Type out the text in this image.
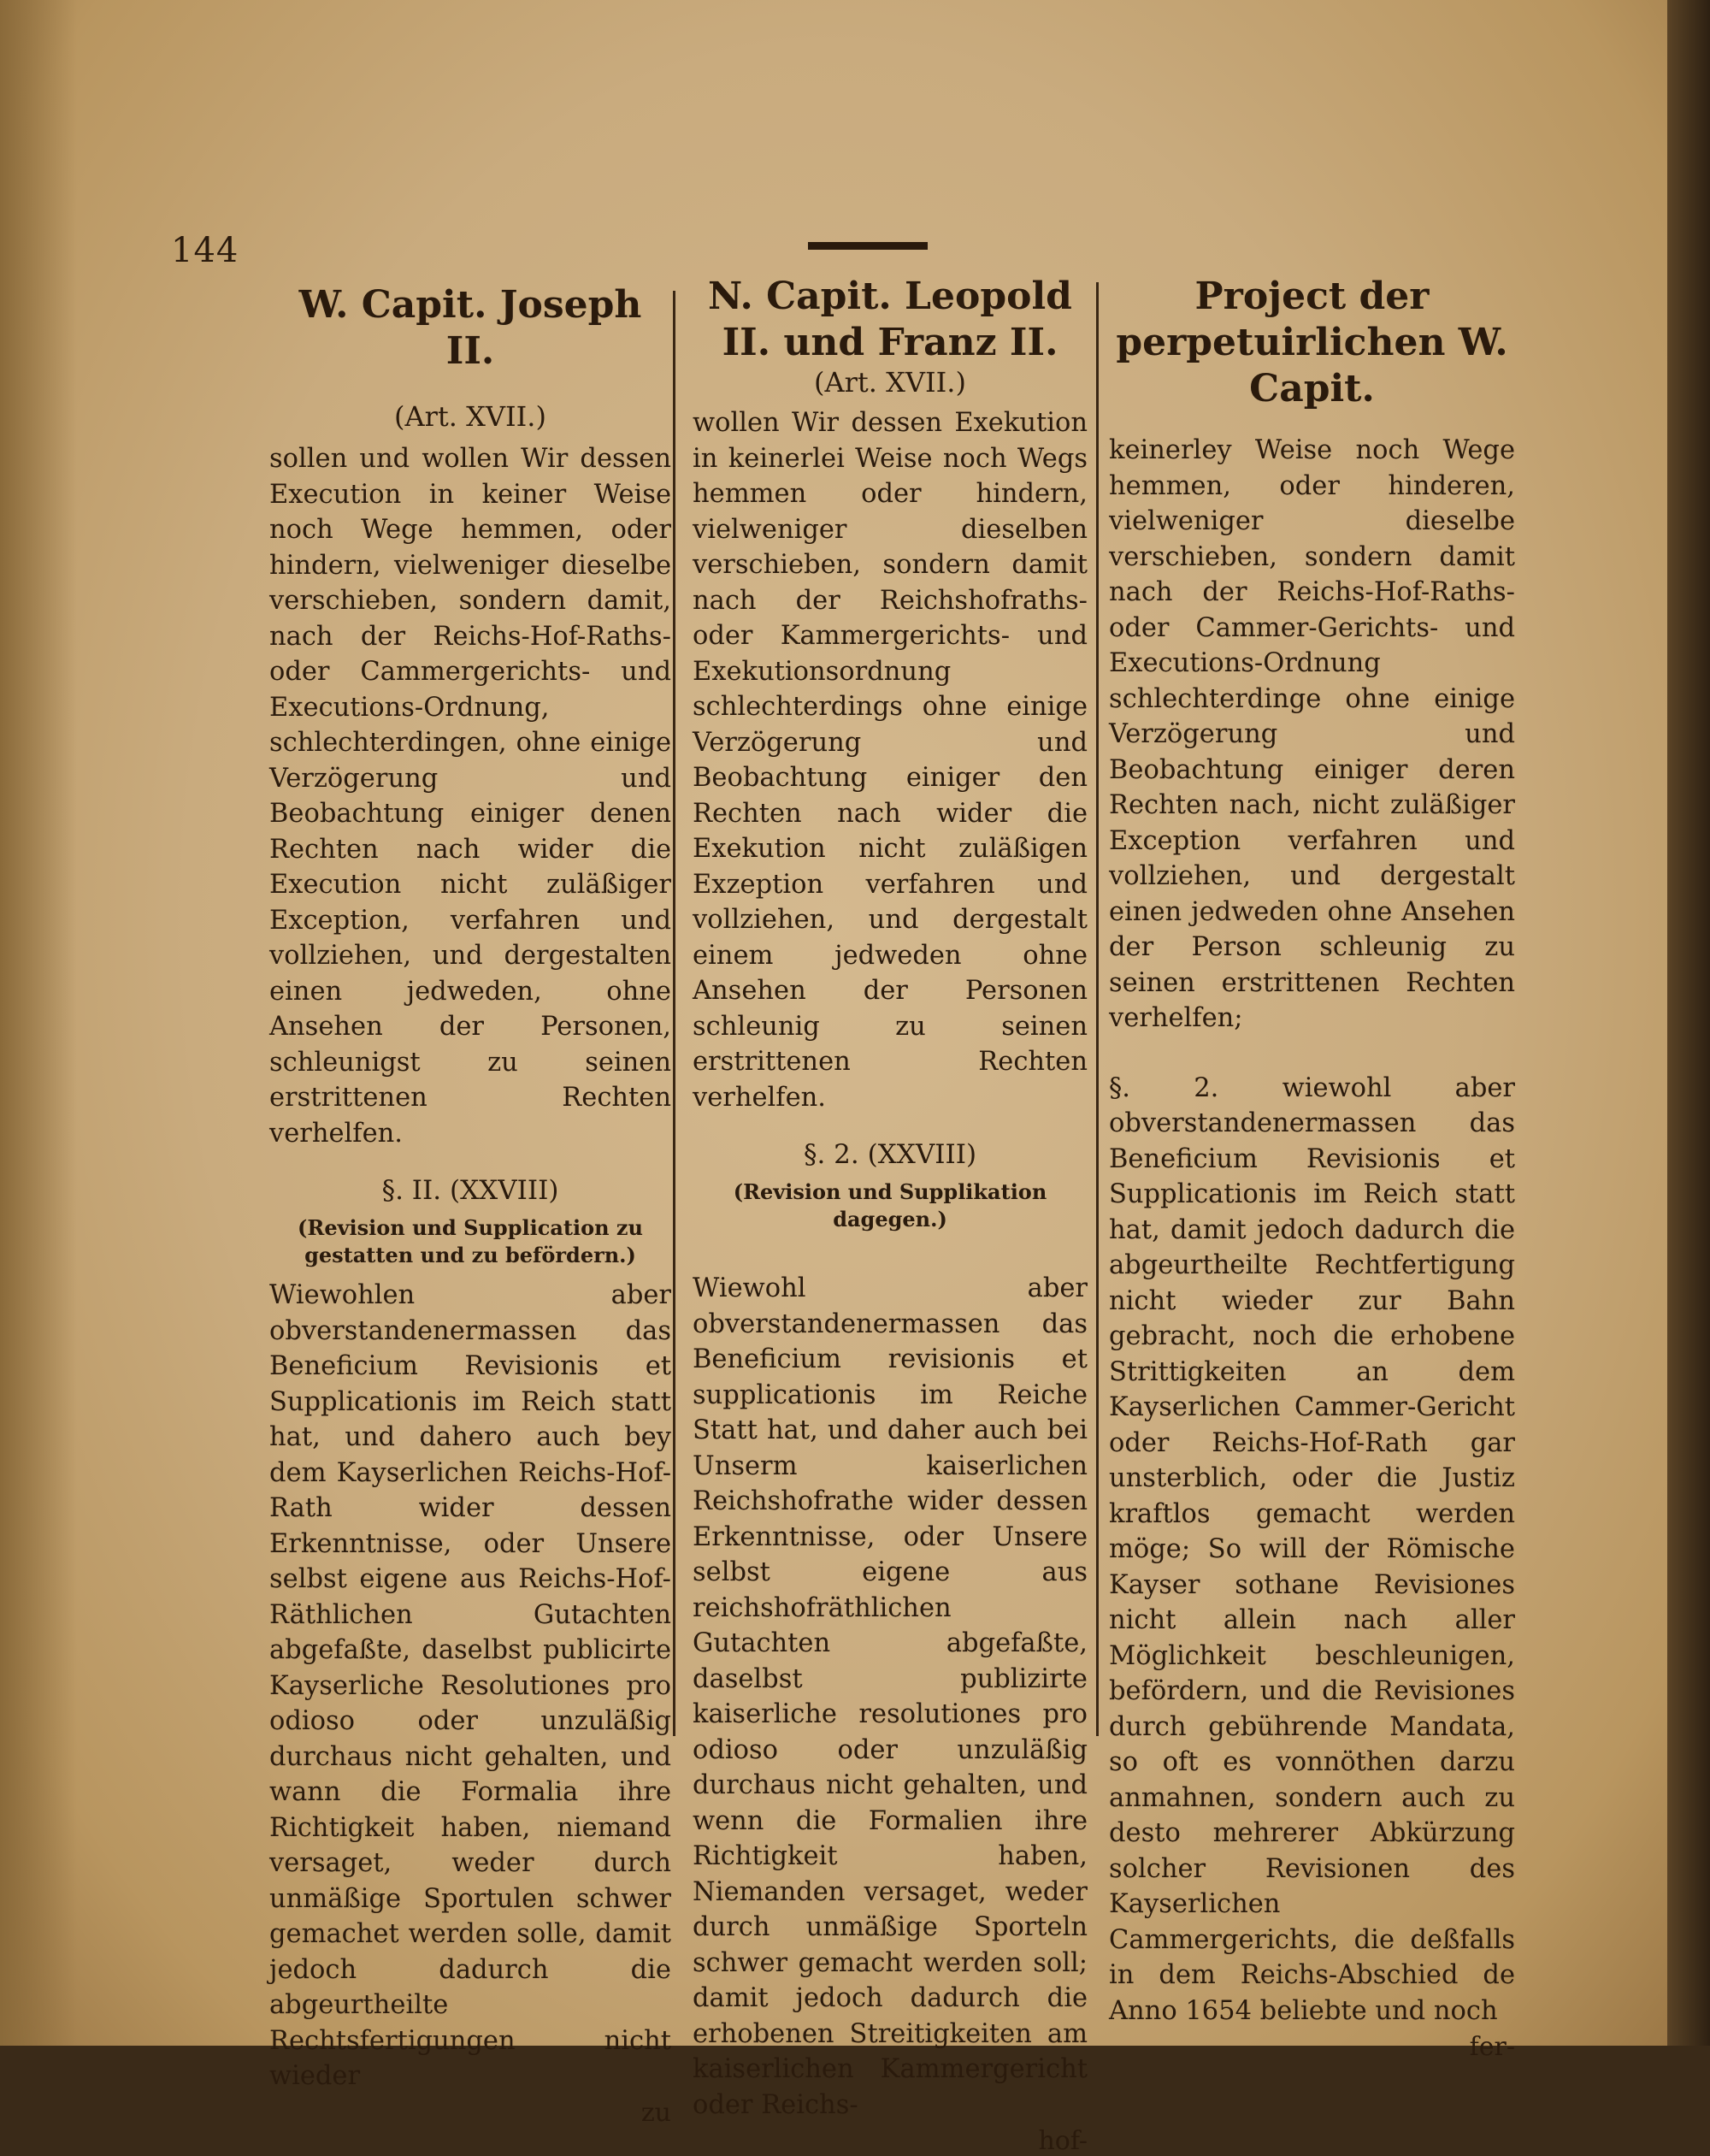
144
W. Capit. Joseph II.
(Art. XVII.)

sollen und wollen Wir dessen Execution in keiner Weise noch Wege hemmen, oder hindern, vielweniger dieselbe verschieben, sondern damit, nach der Reichs-Hof-Raths- oder Cammergerichts- und Executions-Ordnung, schlechterdingen, ohne einige Verzögerung und Beobachtung einiger denen Rechten nach wider die Execution nicht zuläßiger Exception, verfahren und vollziehen, und dergestalten einen jedweden, ohne Ansehen der Personen, schleunigst zu seinen erstrittenen Rechten verhelfen.

§. II. (XXVIII)
(Revision und Supplication zu gestatten und zu befördern.)

Wiewohlen aber obverstandenermassen das Beneficium Revisionis et Supplicationis im Reich statt hat, und dahero auch bey dem Kayserlichen Reichs-Hof-Rath wider dessen Erkenntnisse, oder Unsere selbst eigene aus Reichs-Hof-Räthlichen Gutachten abgefaßte, daselbst publicirte Kayserliche Resolutiones pro odioso oder unzuläßig durchaus nicht gehalten, und wann die Formalia ihre Richtigkeit haben, niemand versaget, weder durch unmäßige Sportulen schwer gemachet werden solle, damit jedoch dadurch die abgeurtheilte Rechtsfertigungen nicht wieder

zu
N. Capit. Leopold II. und Franz II.
(Art. XVII.)

wollen Wir dessen Exekution in keinerlei Weise noch Wegs hemmen oder hindern, vielweniger dieselben verschieben, sondern damit nach der Reichshofraths- oder Kammergerichts- und Exekutionsordnung schlechterdings ohne einige Verzögerung und Beobachtung einiger den Rechten nach wider die Exekution nicht zuläßigen Exzeption verfahren und vollziehen, und dergestalt einem jedweden ohne Ansehen der Personen schleunig zu seinen erstrittenen Rechten verhelfen.

§. 2. (XXVIII)
(Revision und Supplikation dagegen.)

Wiewohl aber obverstandenermassen das Beneficium revisionis et supplicationis im Reiche Statt hat, und daher auch bei Unserm kaiserlichen Reichshofrathe wider dessen Erkenntnisse, oder Unsere selbst eigene aus reichshofräthlichen Gutachten abgefaßte, daselbst publizirte kaiserliche resolutiones pro odioso oder unzuläßig durchaus nicht gehalten, und wenn die Formalien ihre Richtigkeit haben, Niemanden versaget, weder durch unmäßige Sporteln schwer gemacht werden soll; damit jedoch dadurch die erhobenen Streitigkeiten am kaiserlichen Kammergericht oder Reichs-

hof-
Project der perpetuirlichen W. Capit.

keinerley Weise noch Wege hemmen, oder hinderen, vielweniger dieselbe verschieben, sondern damit nach der Reichs-Hof-Raths- oder Cammer-Gerichts- und Executions-Ordnung schlechterdinge ohne einige Verzögerung und Beobachtung einiger deren Rechten nach, nicht zuläßiger Exception verfahren und vollziehen, und dergestalt einen jedweden ohne Ansehen der Person schleunig zu seinen erstrittenen Rechten verhelfen;

§. 2. wiewohl aber obverstandenermassen das Beneficium Revisionis et Supplicationis im Reich statt hat, damit jedoch dadurch die abgeurtheilte Rechtfertigung nicht wieder zur Bahn gebracht, noch die erhobene Strittigkeiten an dem Kayserlichen Cammer-Gericht oder Reichs-Hof-Rath gar unsterblich, oder die Justiz kraftlos gemacht werden möge; So will der Römische Kayser sothane Revisiones nicht allein nach aller Möglichkeit beschleunigen, befördern, und die Revisiones durch gebührende Mandata, so oft es vonnöthen darzu anmahnen, sondern auch zu desto mehrerer Abkürzung solcher Revisionen des Kayserlichen Cammergerichts, die deßfalls in dem Reichs-Abschied de Anno 1654 beliebte und noch

fer-
